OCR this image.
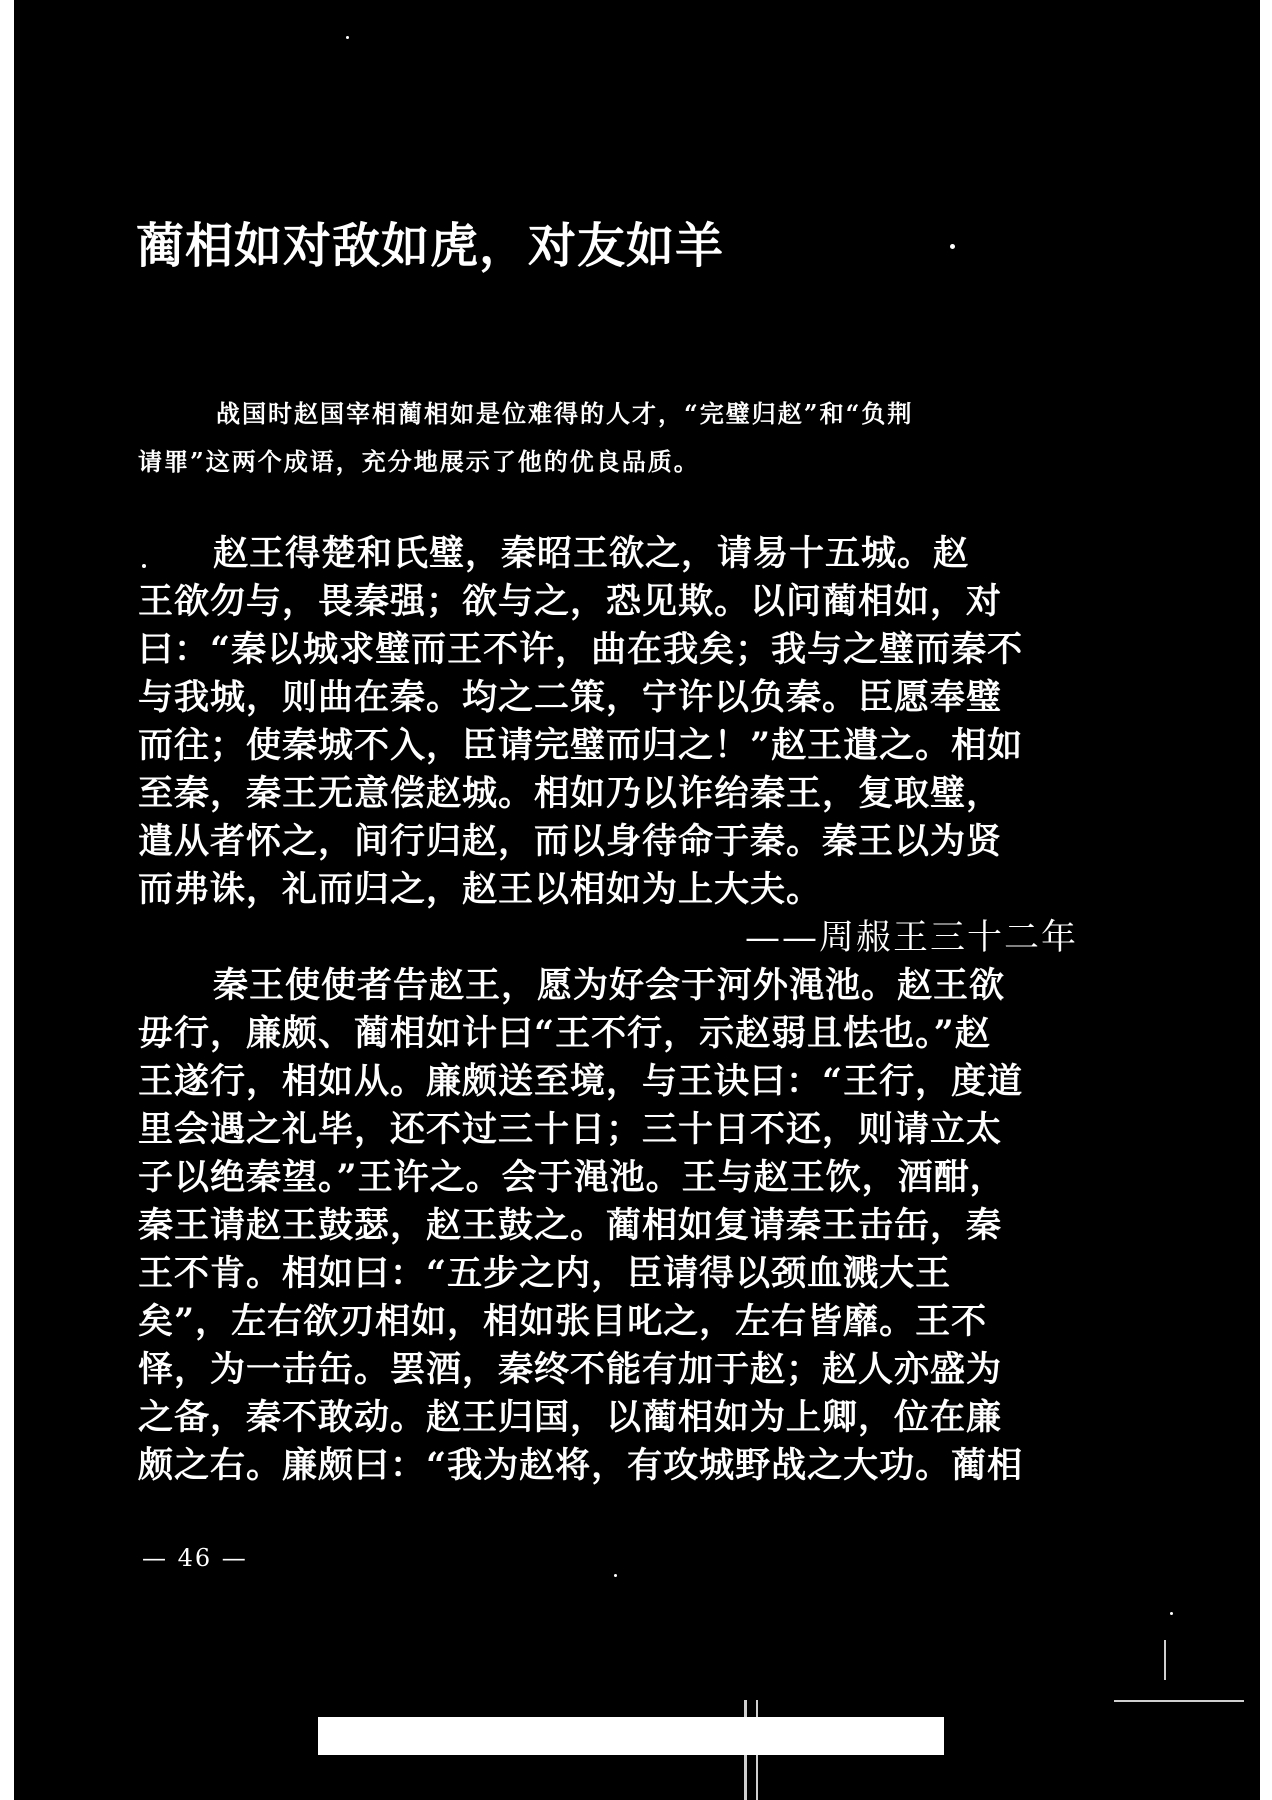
蔺相如对敌如虎，对友如羊

战国时赵国宰相蔺相如是位难得的人才，“完璧归赵”和“负荆
请罪”这两个成语，充分地展示了他的优良品质。

赵王得楚和氏璧，秦昭王欲之，请易十五城。赵
王欲勿与，畏秦强；欲与之，恐见欺。以问蔺相如，对
曰：“秦以城求璧而王不许，曲在我矣；我与之璧而秦不
与我城，则曲在秦。均之二策，宁许以负秦。臣愿奉璧
而往；使秦城不入，臣请完璧而归之！”赵王遣之。相如
至秦，秦王无意偿赵城。相如乃以诈绐秦王，复取璧，
遣从者怀之，间行归赵，而以身待命于秦。秦王以为贤
而弗诛，礼而归之，赵王以相如为上大夫。
——周赧王三十二年
秦王使使者告赵王，愿为好会于河外渑池。赵王欲
毋行，廉颇、蔺相如计曰“王不行，示赵弱且怯也。”赵
王遂行，相如从。廉颇送至境，与王诀曰：“王行，度道
里会遇之礼毕，还不过三十日；三十日不还，则请立太
子以绝秦望。”王许之。会于渑池。王与赵王饮，酒酣，
秦王请赵王鼓瑟，赵王鼓之。蔺相如复请秦王击缶，秦
王不肯。相如曰：“五步之内，臣请得以颈血溅大王
矣”，左右欲刃相如，相如张目叱之，左右皆靡。王不
怿，为一击缶。罢酒，秦终不能有加于赵；赵人亦盛为
之备，秦不敢动。赵王归国，以蔺相如为上卿，位在廉
颇之右。廉颇曰：“我为赵将，有攻城野战之大功。蔺相
— 46 —
